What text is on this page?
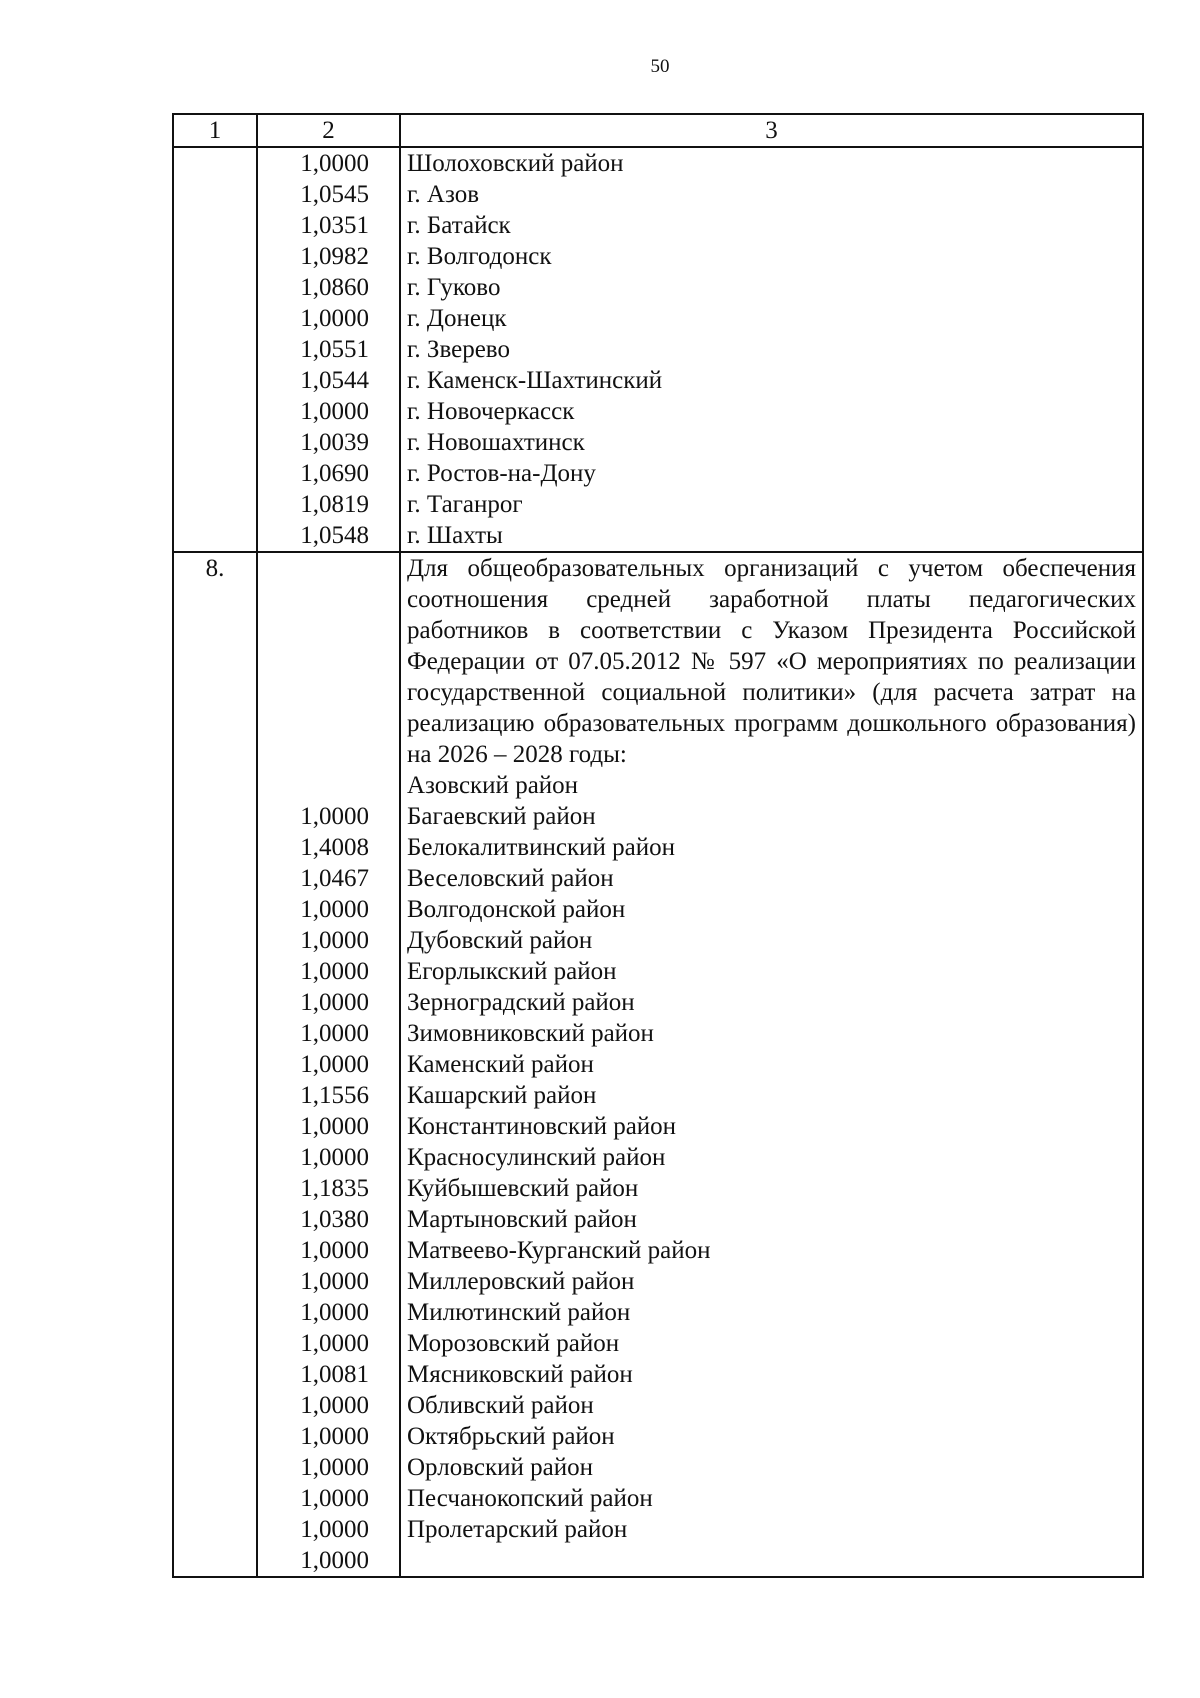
50
1	2	3
1,0000
1,0545
1,0351
1,0982
1,0860
1,0000
1,0551
1,0544
1,0000
1,0039
1,0690
1,0819
1,0548
Шолоховский район
г. Азов
г. Батайск
г. Волгодонск
г. Гуково
г. Донецк
г. Зверево
г. Каменск-Шахтинский
г. Новочеркасск
г. Новошахтинск
г. Ростов-на-Дону
г. Таганрог
г. Шахты
8.
1,0000
1,4008
1,0467
1,0000
1,0000
1,0000
1,0000
1,0000
1,0000
1,1556
1,0000
1,0000
1,1835
1,0380
1,0000
1,0000
1,0000
1,0000
1,0081
1,0000
1,0000
1,0000
1,0000
1,0000
1,0000
Для общеобразовательных организаций с учетом обеспечения соотношения средней заработной платы педагогических работников в соответствии с Указом Президента Российской Федерации от 07.05.2012 № 597 «О мероприятиях по реализации государственной социальной политики» (для расчета затрат на реализацию образовательных программ дошкольного образования) на 2026 – 2028 годы:
Азовский район
Багаевский район
Белокалитвинский район
Веселовский район
Волгодонской район
Дубовский район
Егорлыкский район
Зерноградский район
Зимовниковский район
Каменский район
Кашарский район
Константиновский район
Красносулинский район
Куйбышевский район
Мартыновский район
Матвеево-Курганский район
Миллеровский район
Милютинский район
Морозовский район
Мясниковский район
Обливский район
Октябрьский район
Орловский район
Песчанокопский район
Пролетарский район
